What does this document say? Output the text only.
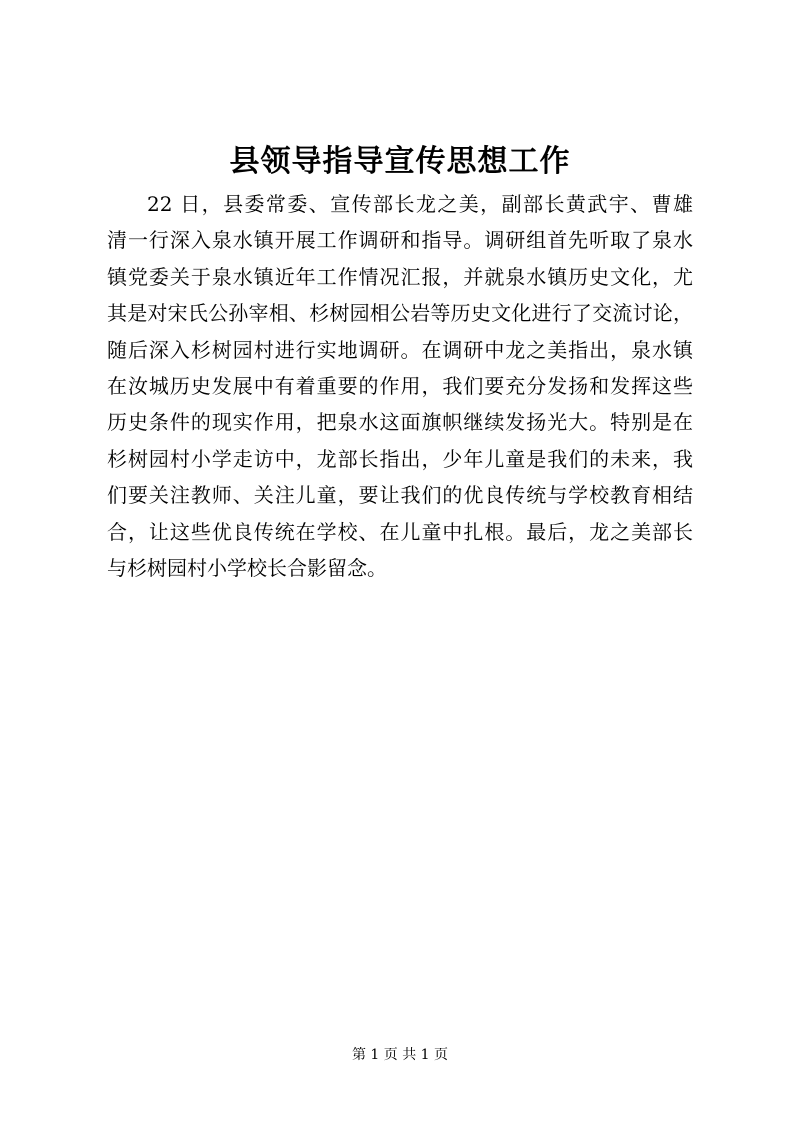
县领导指导宣传思想工作
22 日，县委常委、宣传部长龙之美，副部长黄武宇、曹雄
清一行深入泉水镇开展工作调研和指导。调研组首先听取了泉水
镇党委关于泉水镇近年工作情况汇报，并就泉水镇历史文化，尤
其是对宋氏公孙宰相、杉树园相公岩等历史文化进行了交流讨论，
随后深入杉树园村进行实地调研。在调研中龙之美指出，泉水镇
在汝城历史发展中有着重要的作用，我们要充分发扬和发挥这些
历史条件的现实作用，把泉水这面旗帜继续发扬光大。特别是在
杉树园村小学走访中，龙部长指出，少年儿童是我们的未来，我
们要关注教师、关注儿童，要让我们的优良传统与学校教育相结
合，让这些优良传统在学校、在儿童中扎根。最后，龙之美部长
与杉树园村小学校长合影留念。
第 1 页 共 1 页
